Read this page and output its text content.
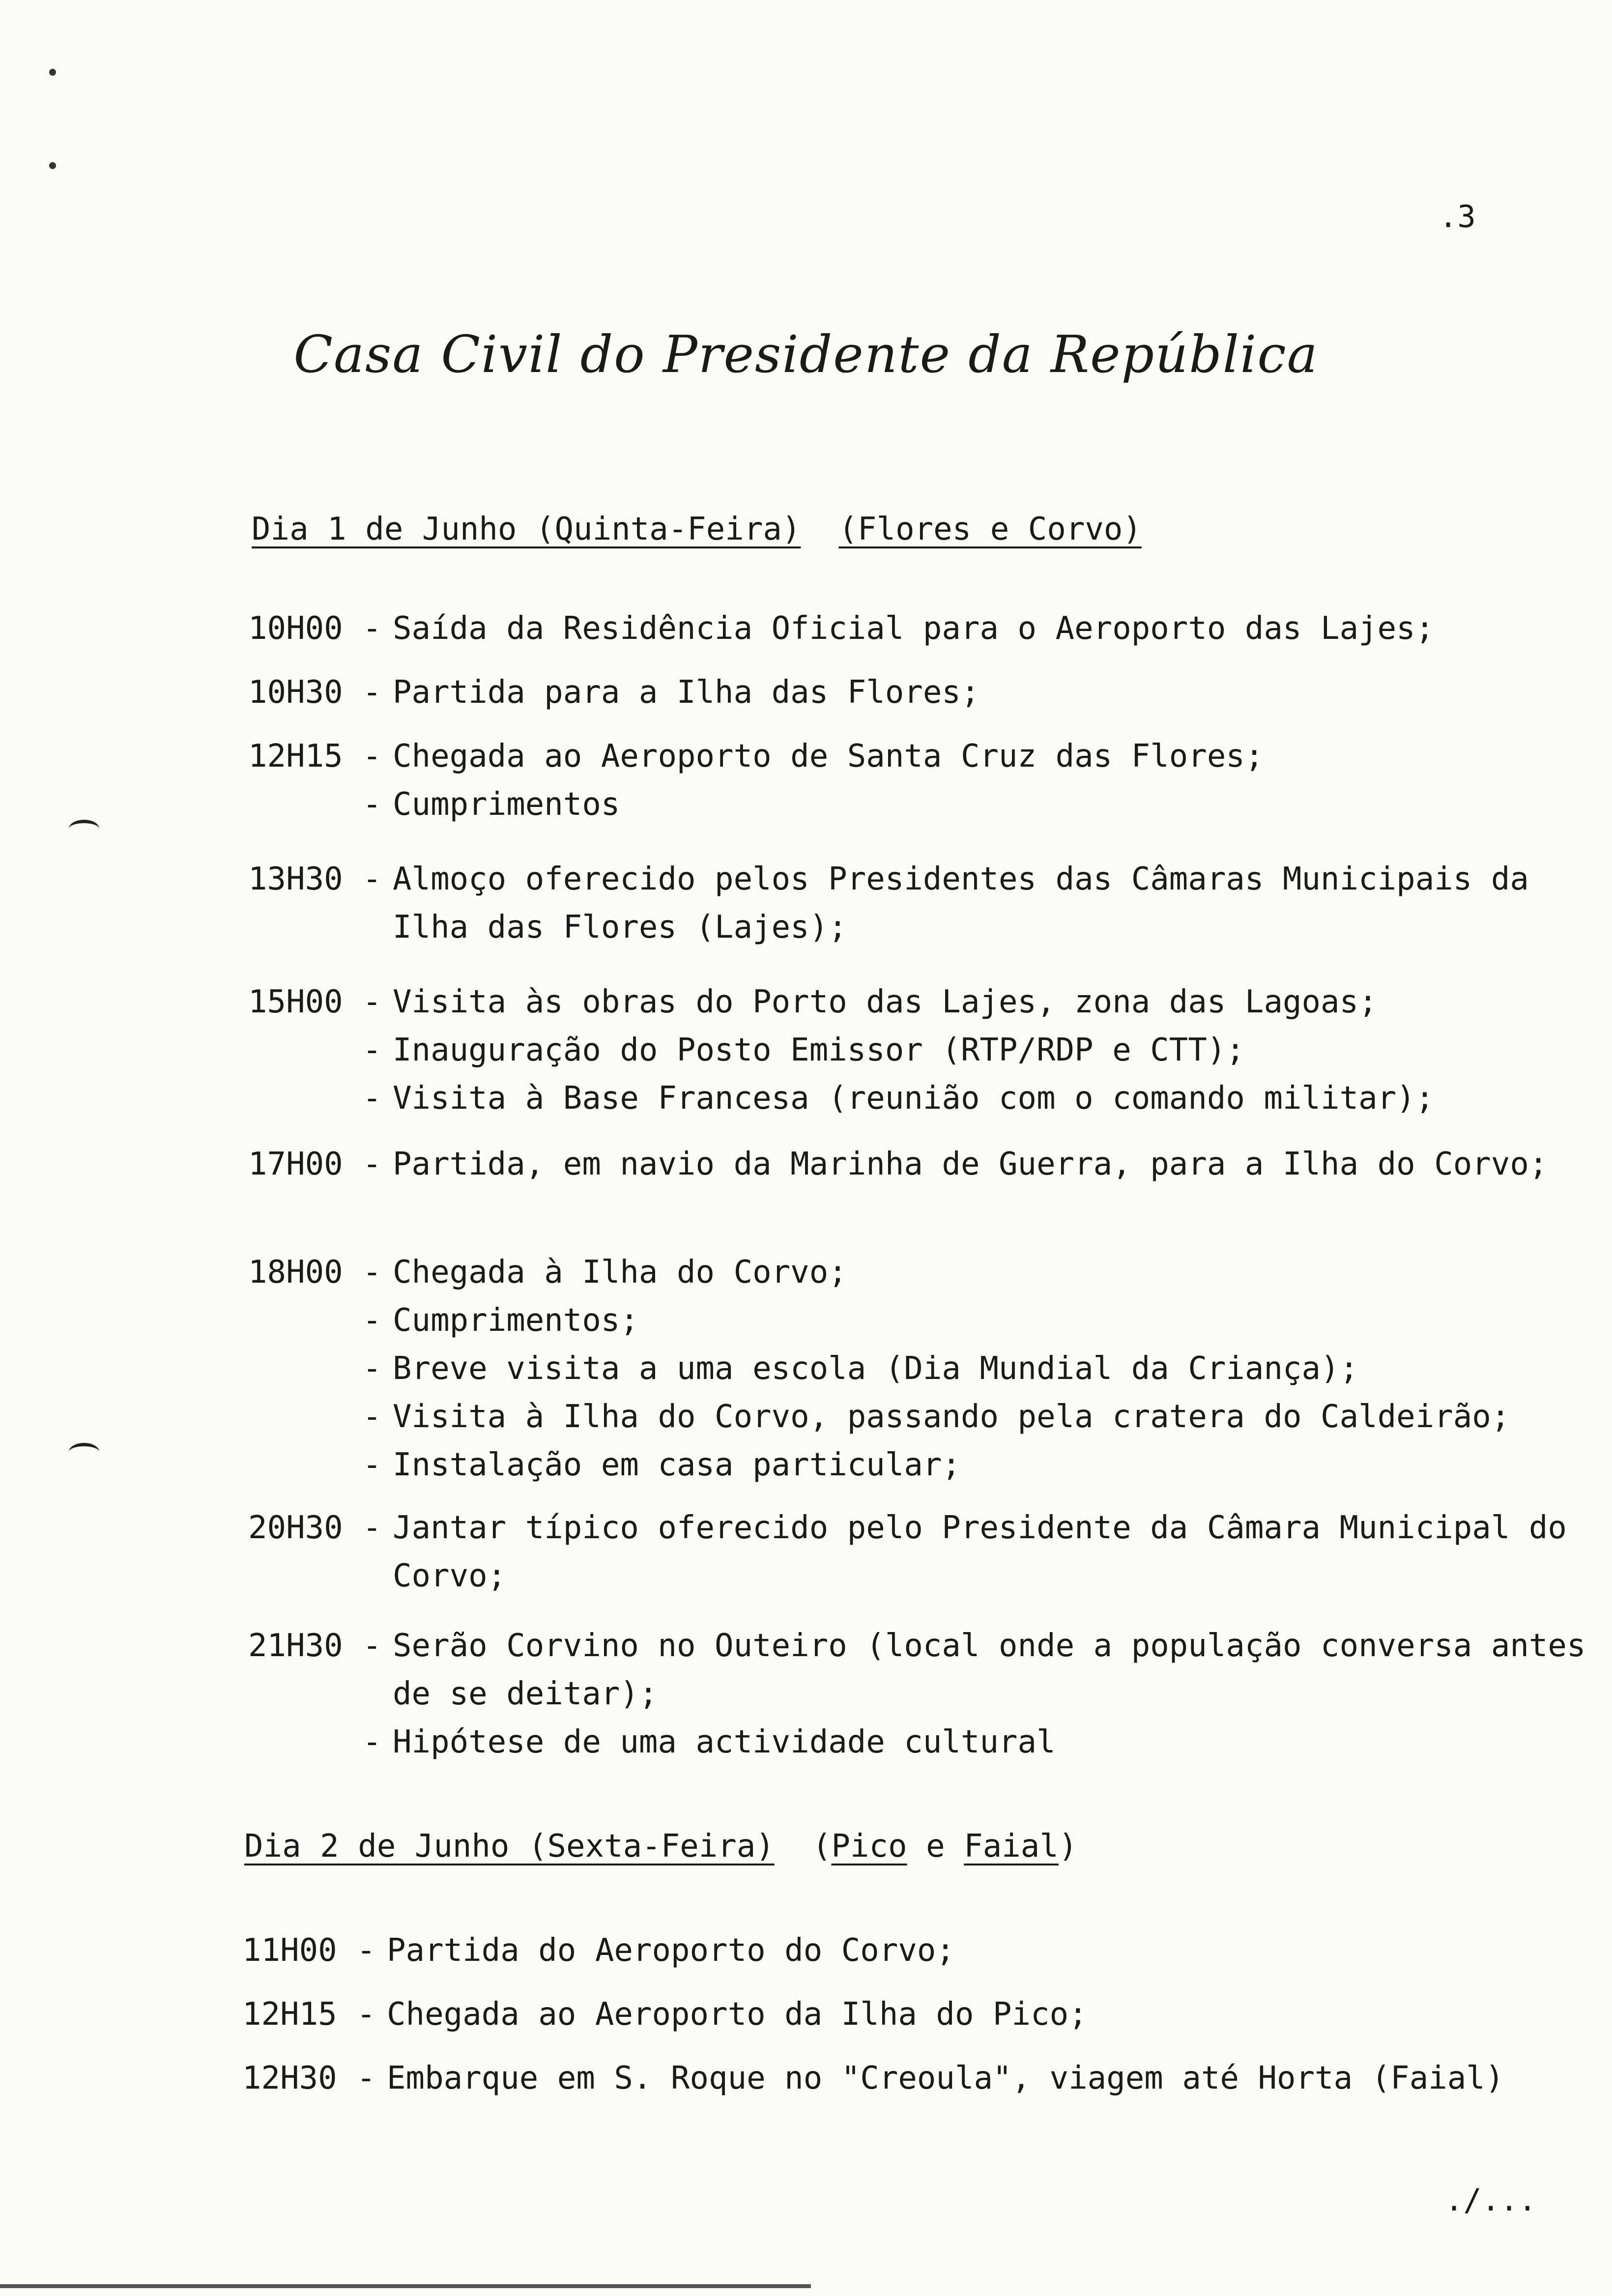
.3
Casa Civil do Presidente da República
Dia 1 de Junho (Quinta-Feira) (Flores e Corvo)
10H00 - Saída da Residência Oficial para o Aeroporto das Lajes;
10H30 - Partida para a Ilha das Flores;
12H15 - Chegada ao Aeroporto de Santa Cruz das Flores;
- Cumprimentos
13H30 - Almoço oferecido pelos Presidentes das Câmaras Municipais da Ilha das Flores (Lajes);
15H00 - Visita às obras do Porto das Lajes, zona das Lagoas;
- Inauguração do Posto Emissor (RTP/RDP e CTT);
- Visita à Base Francesa (reunião com o comando militar);
17H00 - Partida, em navio da Marinha de Guerra, para a Ilha do Corvo;
18H00 - Chegada à Ilha do Corvo;
- Cumprimentos;
- Breve visita a uma escola (Dia Mundial da Criança);
- Visita à Ilha do Corvo, passando pela cratera do Caldeirão;
- Instalação em casa particular;
20H30 - Jantar típico oferecido pelo Presidente da Câmara Municipal do Corvo;
21H30 - Serão Corvino no Outeiro (local onde a população conversa antes de se deitar);
- Hipótese de uma actividade cultural
Dia 2 de Junho (Sexta-Feira) (Pico e Faial)
11H00 - Partida do Aeroporto do Corvo;
12H15 - Chegada ao Aeroporto da Ilha do Pico;
12H30 - Embarque em S. Roque no "Creoula", viagem até Horta (Faial)
./...
